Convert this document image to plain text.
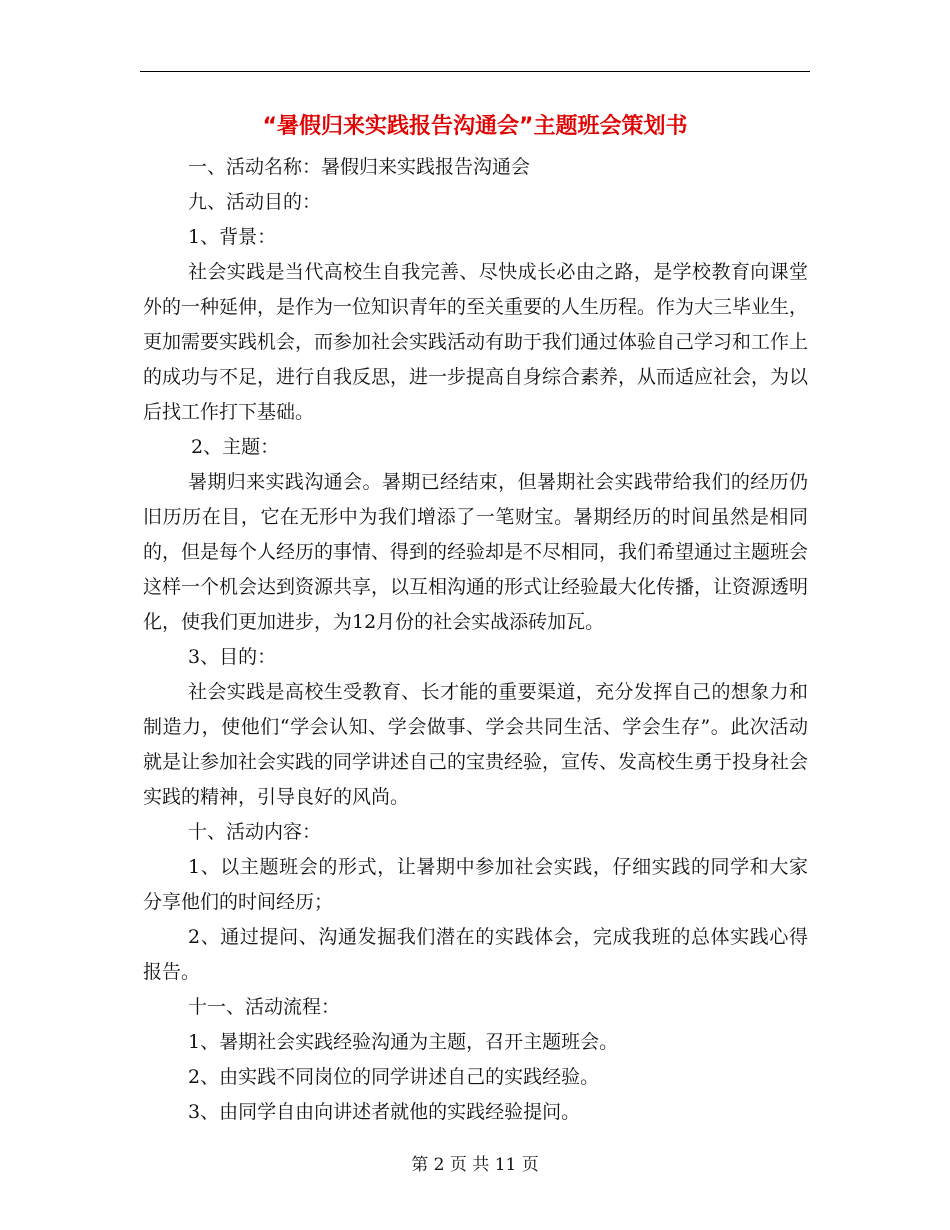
“暑假归来实践报告沟通会”主题班会策划书

一、活动名称：暑假归来实践报告沟通会

九、活动目的：

1、背景：

社会实践是当代高校生自我完善、尽快成长必由之路，是学校教育向课堂外的一种延伸，是作为一位知识青年的至关重要的人生历程。作为大三毕业生，更加需要实践机会，而参加社会实践活动有助于我们通过体验自己学习和工作上的成功与不足，进行自我反思，进一步提高自身综合素养，从而适应社会，为以后找工作打下基础。

2、主题：

暑期归来实践沟通会。暑期已经结束，但暑期社会实践带给我们的经历仍旧历历在目，它在无形中为我们增添了一笔财宝。暑期经历的时间虽然是相同的，但是每个人经历的事情、得到的经验却是不尽相同，我们希望通过主题班会这样一个机会达到资源共享，以互相沟通的形式让经验最大化传播，让资源透明化，使我们更加进步，为12月份的社会实战添砖加瓦。

3、目的：

社会实践是高校生受教育、长才能的重要渠道，充分发挥自己的想象力和制造力，使他们“学会认知、学会做事、学会共同生活、学会生存”。此次活动就是让参加社会实践的同学讲述自己的宝贵经验，宣传、发高校生勇于投身社会实践的精神，引导良好的风尚。

十、活动内容：

1、以主题班会的形式，让暑期中参加社会实践，仔细实践的同学和大家分享他们的时间经历；

2、通过提问、沟通发掘我们潜在的实践体会，完成我班的总体实践心得报告。

十一、活动流程：

1、暑期社会实践经验沟通为主题，召开主题班会。

2、由实践不同岗位的同学讲述自己的实践经验。

3、由同学自由向讲述者就他的实践经验提问。

第 2 页 共 11 页
